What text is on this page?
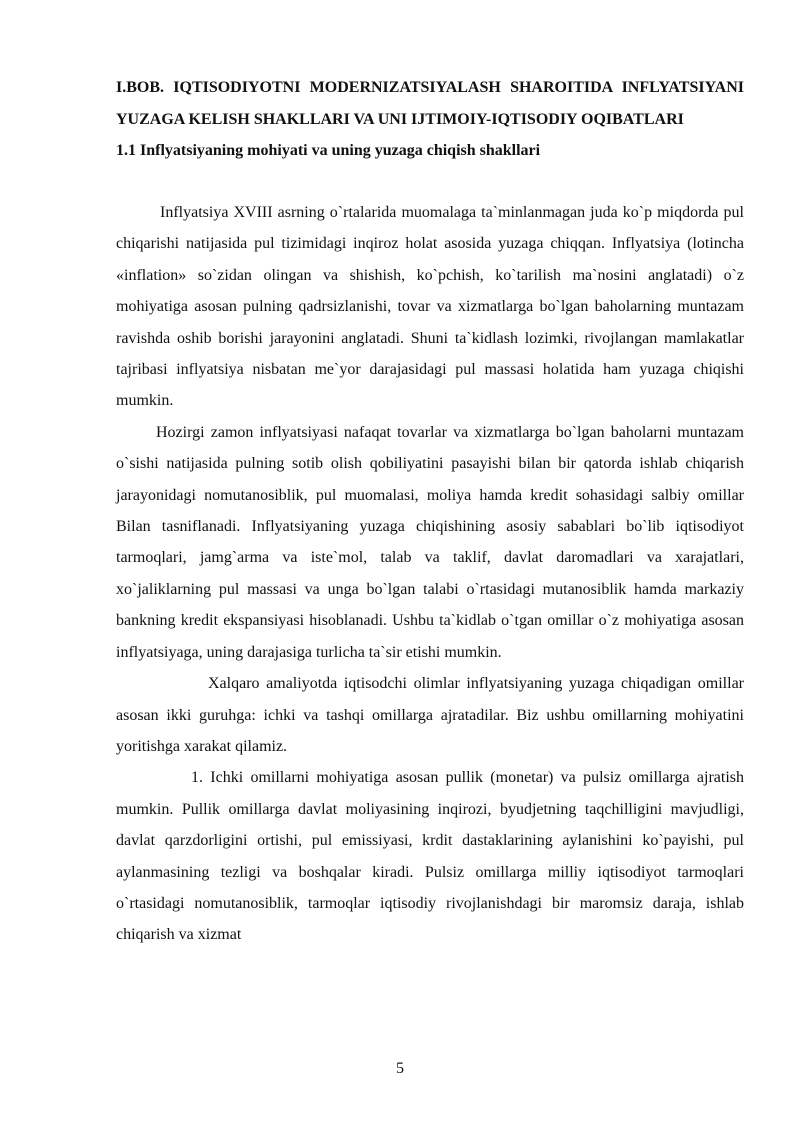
I.BOB. IQTISODIYOTNI MODERNIZATSIYALASH SHAROITIDA INFLYATSIYANI YUZAGA KELISH SHAKLLARI VA UNI IJTIMOIY-IQTISODIY OQIBATLARI

1.1 Inflyatsiyaning mohiyati va uning yuzaga chiqish shakllari

Inflyatsiya XVIII asrning o`rtalarida muomalaga ta`minlanmagan juda ko`p miqdorda pul chiqarishi natijasida pul tizimidagi inqiroz holat asosida yuzaga chiqqan. Inflyatsiya (lotincha «inflation» so`zidan olingan va shishish, ko`pchish, ko`tarilish ma`nosini anglatadi) o`z mohiyatiga asosan pulning qadrsizlanishi, tovar va xizmatlarga bo`lgan baholarning muntazam ravishda oshib borishi jarayonini anglatadi. Shuni ta`kidlash lozimki, rivojlangan mamlakatlar tajribasi inflyatsiya nisbatan me`yor darajasidagi pul massasi holatida ham yuzaga chiqishi mumkin.

Hozirgi zamon inflyatsiyasi nafaqat tovarlar va xizmatlarga bo`lgan baholarni muntazam o`sishi natijasida pulning sotib olish qobiliyatini pasayishi bilan bir qatorda ishlab chiqarish jarayonidagi nomutanosiblik, pul muomalasi, moliya hamda kredit sohasidagi salbiy omillar Bilan tasniflanadi. Inflyatsiyaning yuzaga chiqishining asosiy sabablari bo`lib iqtisodiyot tarmoqlari, jamg`arma va iste`mol, talab va taklif, davlat daromadlari va xarajatlari, xo`jaliklarning pul massasi va unga bo`lgan talabi o`rtasidagi mutanosiblik hamda markaziy bankning kredit ekspansiyasi hisoblanadi. Ushbu ta`kidlab o`tgan omillar o`z mohiyatiga asosan inflyatsiyaga, uning darajasiga turlicha ta`sir etishi mumkin.

Xalqaro amaliyotda iqtisodchi olimlar inflyatsiyaning yuzaga chiqadigan omillar asosan ikki guruhga: ichki va tashqi omillarga ajratadilar. Biz ushbu omillarning mohiyatini yoritishga xarakat qilamiz.

1. Ichki omillarni mohiyatiga asosan pullik (monetar) va pulsiz omillarga ajratish mumkin. Pullik omillarga davlat moliyasining inqirozi, byudjetning taqchilligini mavjudligi, davlat qarzdorligini ortishi, pul emissiyasi, krdit dastaklarining aylanishini ko`payishi, pul aylanmasining tezligi va boshqalar kiradi. Pulsiz omillarga milliy iqtisodiyot tarmoqlari o`rtasidagi nomutanosiblik, tarmoqlar iqtisodiy rivojlanishdagi bir maromsiz daraja, ishlab chiqarish va xizmat

5
